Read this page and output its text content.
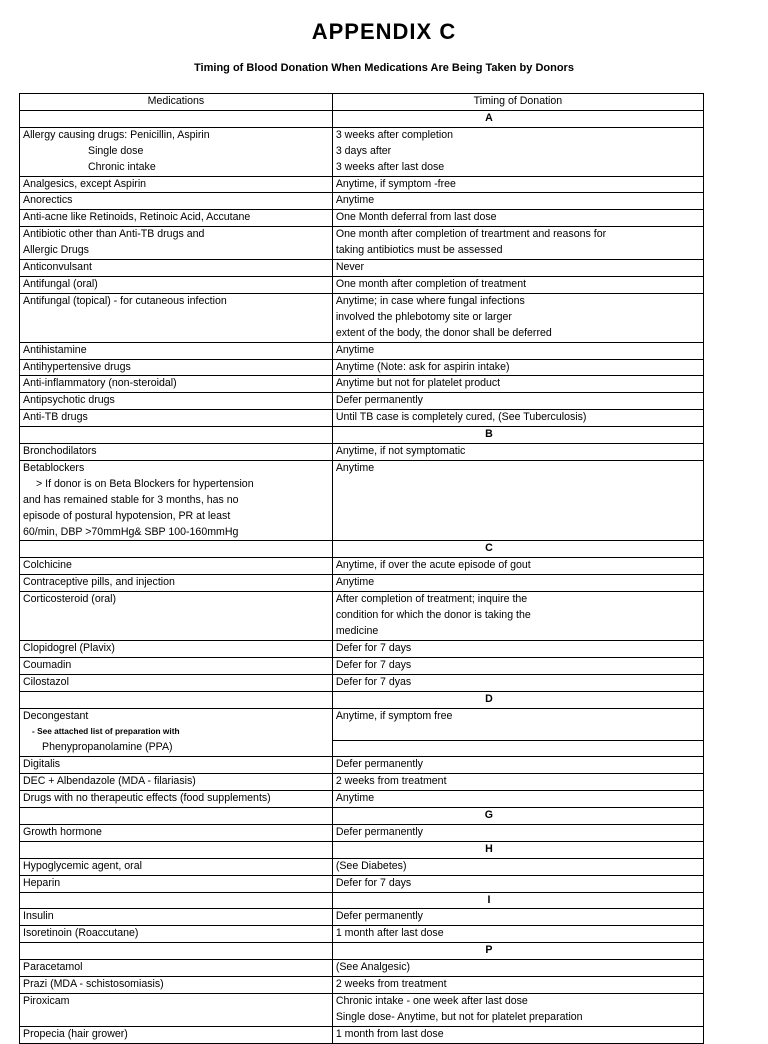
APPENDIX C
Timing of Blood Donation When Medications Are Being Taken by Donors
Medications	Timing of Donation
	A
Allergy causing drugs: Penicillin, Aspirin	3 weeks after completion
Single dose	3 days after
Chronic intake	3 weeks after last dose
Analgesics, except Aspirin	Anytime, if symptom -free
Anorectics	Anytime
Anti-acne like Retinoids, Retinoic Acid, Accutane	One Month deferral from last dose
Antibiotic other than Anti-TB drugs and	One month after completion of treartment and reasons for
Allergic Drugs	taking antibiotics must be assessed
Anticonvulsant	Never
Antifungal (oral)	One month after completion of treatment
Antifungal (topical) - for cutaneous infection	Anytime; in case where fungal infections
	involved the phlebotomy site or larger
	extent of the body, the donor shall be deferred
Antihistamine	Anytime
Antihypertensive drugs	Anytime (Note: ask for aspirin intake)
Anti-inflammatory (non-steroidal)	Anytime but not for platelet product
Antipsychotic drugs	Defer permanently
Anti-TB drugs	Until TB case is completely cured, (See Tuberculosis)
	B
Bronchodilators	Anytime, if not symptomatic
Betablockers	Anytime
> If donor is on Beta Blockers for hypertension	
and has remained stable for 3 months, has no	
episode of postural hypotension, PR at least	
60/min, DBP >70mmHg& SBP 100-160mmHg	
	C
Colchicine	Anytime, if over the acute episode of gout
Contraceptive pills, and injection	Anytime
Corticosteroid (oral)	After completion of treatment; inquire the
	condition for which the donor is taking the
	medicine
Clopidogrel (Plavix)	Defer for 7 days
Coumadin	Defer for 7 days
Cilostazol	Defer for 7 dyas
	D
Decongestant	Anytime, if symptom free
- See attached list of preparation with	
Phenypropanolamine (PPA)	
Digitalis	Defer permanently
DEC + Albendazole (MDA - filariasis)	2 weeks from treatment
Drugs with no therapeutic effects (food supplements)	Anytime
	G
Growth hormone	Defer permanently
	H
Hypoglycemic agent, oral	(See Diabetes)
Heparin	Defer for 7 days
	I
Insulin	Defer permanently
Isoretinoin (Roaccutane)	1 month after last dose
	P
Paracetamol	(See Analgesic)
Prazi (MDA - schistosomiasis)	2 weeks from treatment
Piroxicam	Chronic intake - one week after last dose
	Single dose- Anytime, but not for platelet preparation
Propecia (hair grower)	1 month from last dose
